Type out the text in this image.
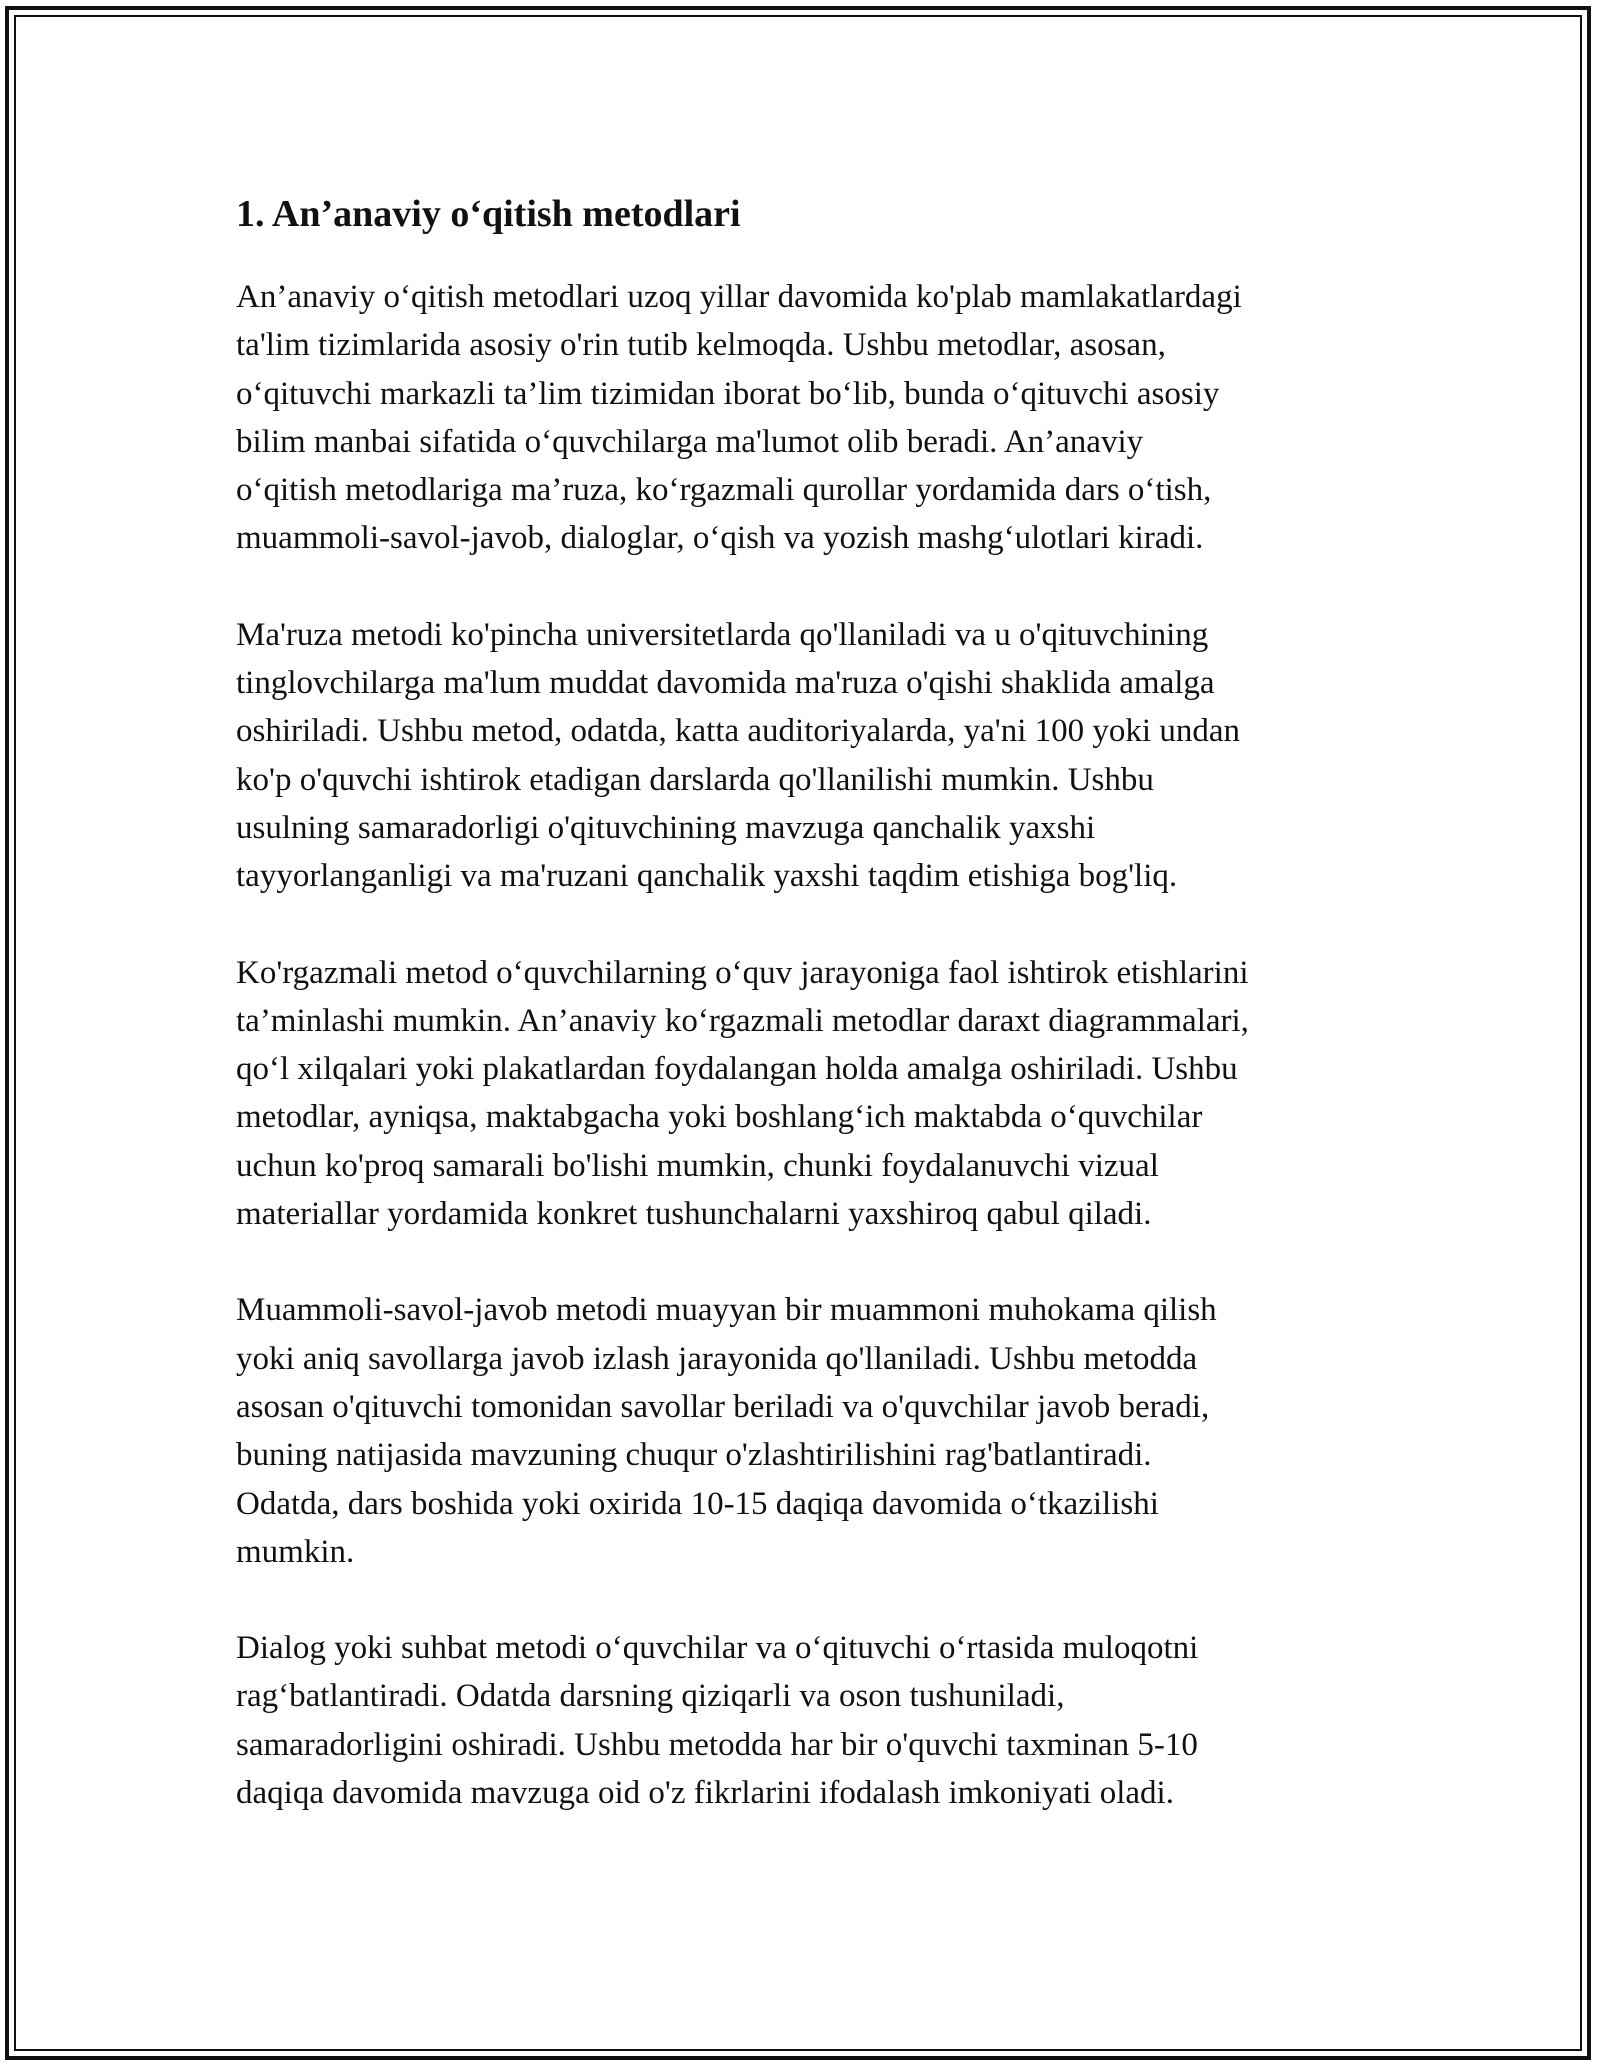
1. An’anaviy o‘qitish metodlari

An’anaviy o‘qitish metodlari uzoq yillar davomida ko'plab mamlakatlardagi
ta'lim tizimlarida asosiy o'rin tutib kelmoqda. Ushbu metodlar, asosan,
o‘qituvchi markazli ta’lim tizimidan iborat bo‘lib, bunda o‘qituvchi asosiy
bilim manbai sifatida o‘quvchilarga ma'lumot olib beradi. An’anaviy
o‘qitish metodlariga ma’ruza, ko‘rgazmali qurollar yordamida dars o‘tish,
muammoli-savol-javob, dialoglar, o‘qish va yozish mashg‘ulotlari kiradi.

Ma'ruza metodi ko'pincha universitetlarda qo'llaniladi va u o'qituvchining
tinglovchilarga ma'lum muddat davomida ma'ruza o'qishi shaklida amalga
oshiriladi. Ushbu metod, odatda, katta auditoriyalarda, ya'ni 100 yoki undan
ko'p o'quvchi ishtirok etadigan darslarda qo'llanilishi mumkin. Ushbu
usulning samaradorligi o'qituvchining mavzuga qanchalik yaxshi
tayyorlanganligi va ma'ruzani qanchalik yaxshi taqdim etishiga bog'liq.

Ko'rgazmali metod o‘quvchilarning o‘quv jarayoniga faol ishtirok etishlarini
ta’minlashi mumkin. An’anaviy ko‘rgazmali metodlar daraxt diagrammalari,
qo‘l xilqalari yoki plakatlardan foydalangan holda amalga oshiriladi. Ushbu
metodlar, ayniqsa, maktabgacha yoki boshlang‘ich maktabda o‘quvchilar
uchun ko'proq samarali bo'lishi mumkin, chunki foydalanuvchi vizual
materiallar yordamida konkret tushunchalarni yaxshiroq qabul qiladi.

Muammoli-savol-javob metodi muayyan bir muammoni muhokama qilish
yoki aniq savollarga javob izlash jarayonida qo'llaniladi. Ushbu metodda
asosan o'qituvchi tomonidan savollar beriladi va o'quvchilar javob beradi,
buning natijasida mavzuning chuqur o'zlashtirilishini rag'batlantiradi.
Odatda, dars boshida yoki oxirida 10-15 daqiqa davomida o‘tkazilishi
mumkin.

Dialog yoki suhbat metodi o‘quvchilar va o‘qituvchi o‘rtasida muloqotni
rag‘batlantiradi. Odatda darsning qiziqarli va oson tushuniladi,
samaradorligini oshiradi. Ushbu metodda har bir o'quvchi taxminan 5-10
daqiqa davomida mavzuga oid o'z fikrlarini ifodalash imkoniyati oladi.
